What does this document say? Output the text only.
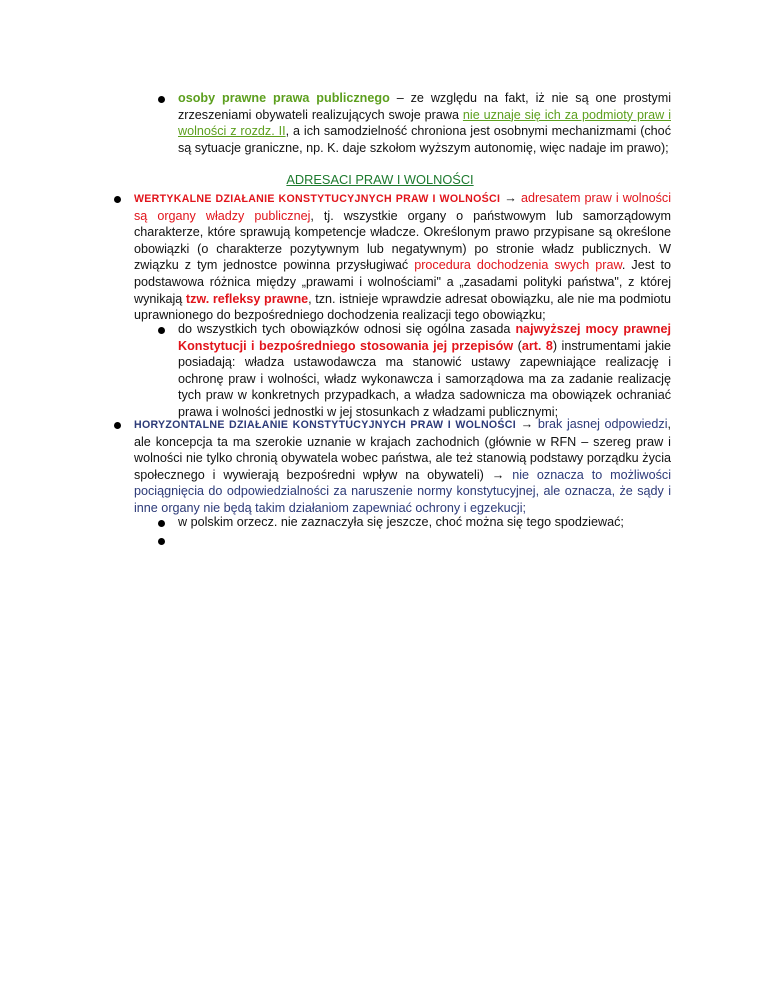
osoby prawne prawa publicznego – ze względu na fakt, iż nie są one prostymi zrzeszeniami obywateli realizujących swoje prawa nie uznaje się ich za podmioty praw i wolności z rozdz. II, a ich samodzielność chroniona jest osobnymi mechanizmami (choć są sytuacje graniczne, np. K. daje szkołom wyższym autonomię, więc nadaje im prawo);
ADRESACI PRAW I WOLNOŚCI
WERTYKALNE DZIAŁANIE KONSTYTUCYJNYCH PRAW I WOLNOŚCI → adresatem praw i wolności są organy władzy publicznej, tj. wszystkie organy o państwowym lub samorządowym charakterze, które sprawują kompetencje władcze. Określonym prawo przypisane są określone obowiązki (o charakterze pozytywnym lub negatywnym) po stronie władz publicznych. W związku z tym jednostce powinna przysługiwać procedura dochodzenia swych praw. Jest to podstawowa różnica między „prawami i wolnościami" a „zasadami polityki państwa", z której wynikają tzw. refleksy prawne, tzn. istnieje wprawdzie adresat obowiązku, ale nie ma podmiotu uprawnionego do bezpośredniego dochodzenia realizacji tego obowiązku;
do wszystkich tych obowiązków odnosi się ogólna zasada najwyższej mocy prawnej Konstytucji i bezpośredniego stosowania jej przepisów (art. 8) instrumentami jakie posiadają: władza ustawodawcza ma stanowić ustawy zapewniające realizację i ochronę praw i wolności, władz wykonawcza i samorządowa ma za zadanie realizację tych praw w konkretnych przypadkach, a władza sadownicza ma obowiązek ochraniać prawa i wolności jednostki w jej stosunkach z władzami publicznymi;
HORYZONTALNE DZIAŁANIE KONSTYTUCYJNYCH PRAW I WOLNOŚCI → brak jasnej odpowiedzi, ale koncepcja ta ma szerokie uznanie w krajach zachodnich (głównie w RFN – szereg praw i wolności nie tylko chronią obywatela wobec państwa, ale też stanowią podstawy porządku życia społecznego i wywierają bezpośredni wpływ na obywateli) → nie oznacza to możliwości pociągnięcia do odpowiedzialności za naruszenie normy konstytucyjnej, ale oznacza, że sądy i inne organy nie będą takim działaniom zapewniać ochrony i egzekucji;
w polskim orzecz. nie zaznaczyła się jeszcze, choć można się tego spodziewać;
